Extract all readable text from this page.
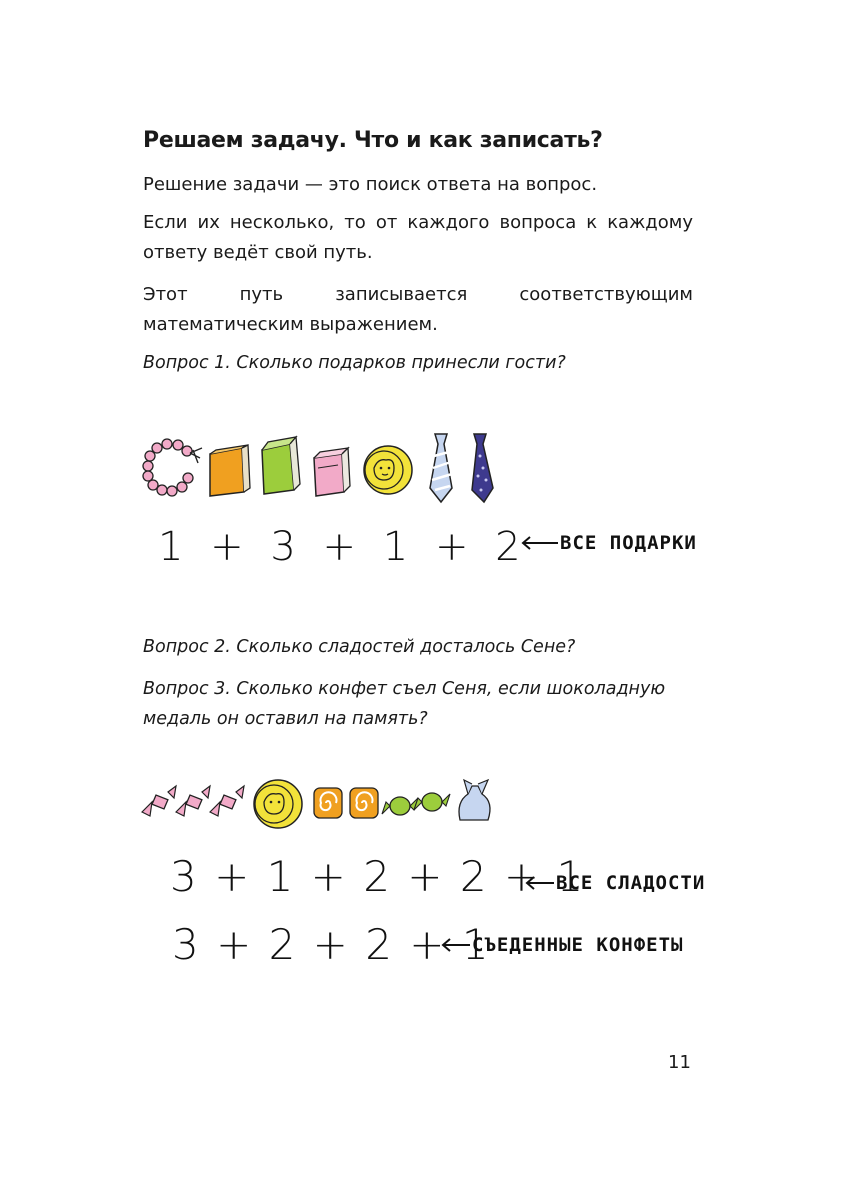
Решаем задачу. Что и как записать?

Решение задачи — это поиск ответа на вопрос.

Если их несколько, то от каждого вопроса к каждому ответу ведёт свой путь.

Этот путь записывается соответствующим математическим выражением.

Вопрос 1. Сколько подарков принесли гости?

1 + 3 + 1 + 2	ВСЕ ПОДАРКИ

Вопрос 2. Сколько сладостей досталось Сене?

Вопрос 3. Сколько конфет съел Сеня, если шоколадную медаль он оставил на память?

3 + 1 + 2 + 2 + 1
ВСЕ СЛАДОСТИ
3 + 2 + 2 + 1
СЪЕДЕННЫЕ КОНФЕТЫ
11
